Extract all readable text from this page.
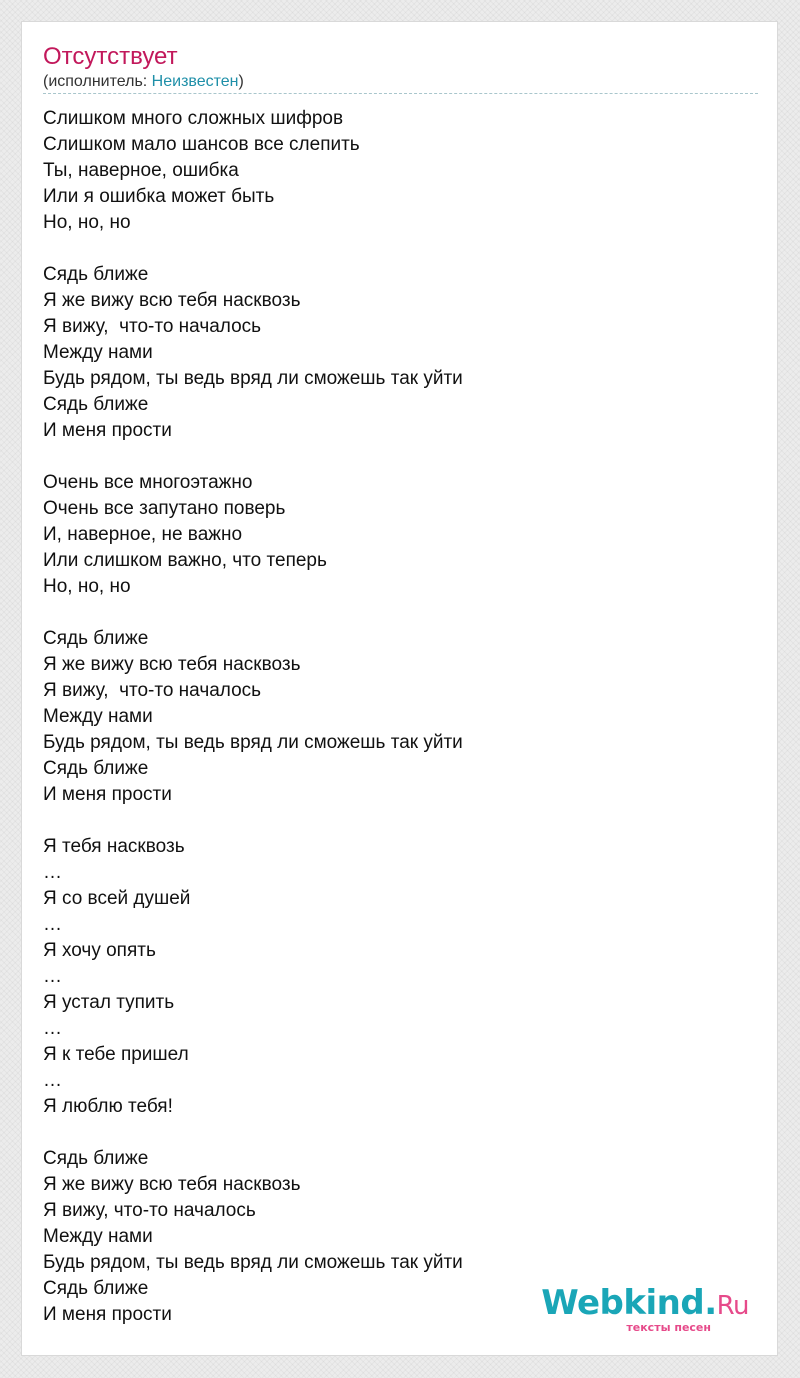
Отсутствует
(исполнитель: Неизвестен)
Слишком много сложных шифров
Слишком мало шансов все слепить
Ты, наверное, ошибка
Или я ошибка может быть
Но, но, но
Сядь ближе
Я же вижу всю тебя насквозь
Я вижу,  что-то началось
Между нами
Будь рядом, ты ведь вряд ли сможешь так уйти
Сядь ближе
И меня прости
Очень все многоэтажно
Очень все запутано поверь
И, наверное, не важно
Или слишком важно, что теперь
Но, но, но
Сядь ближе
Я же вижу всю тебя насквозь
Я вижу,  что-то началось
Между нами
Будь рядом, ты ведь вряд ли сможешь так уйти
Сядь ближе
И меня прости
Я тебя насквозь
…
Я со всей душей
…
Я хочу опять
…
Я устал тупить
…
Я к тебе пришел
…
Я люблю тебя!
Сядь ближе
Я же вижу всю тебя насквозь
Я вижу, что-то началось
Между нами
Будь рядом, ты ведь вряд ли сможешь так уйти
Сядь ближе
И меня прости	Webkind.Ru
тексты песен
